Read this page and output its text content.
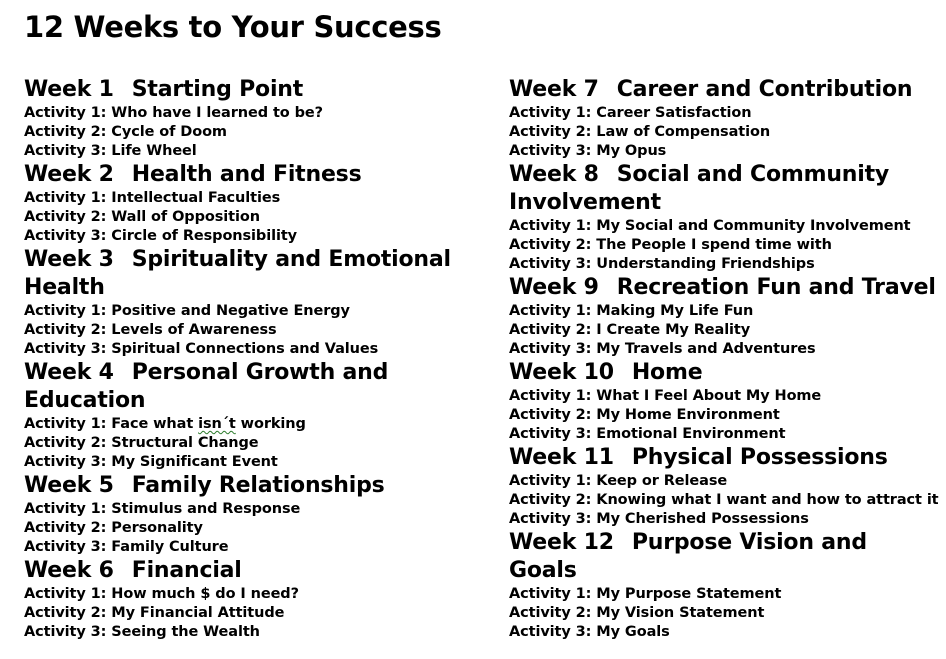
12 Weeks to Your Success
Week 1 Starting Point
Activity 1: Who have I learned to be?
Activity 2: Cycle of Doom
Activity 3: Life Wheel
Week 2 Health and Fitness
Activity 1: Intellectual Faculties
Activity 2: Wall of Opposition
Activity 3: Circle of Responsibility
Week 3 Spirituality and Emotional Health
Activity 1: Positive and Negative Energy
Activity 2: Levels of Awareness
Activity 3: Spiritual Connections and Values
Week 4 Personal Growth and Education
Activity 1: Face what isn´t working
Activity 2: Structural Change
Activity 3: My Significant Event
Week 5 Family Relationships
Activity 1: Stimulus and Response
Activity 2: Personality
Activity 3: Family Culture
Week 6 Financial
Activity 1: How much $ do I need?
Activity 2: My Financial Attitude
Activity 3: Seeing the Wealth
Week 7 Career and Contribution
Activity 1: Career Satisfaction
Activity 2: Law of Compensation
Activity 3: My Opus
Week 8 Social and Community Involvement
Activity 1: My Social and Community Involvement
Activity 2: The People I spend time with
Activity 3: Understanding Friendships
Week 9 Recreation Fun and Travel
Activity 1: Making My Life Fun
Activity 2: I Create My Reality
Activity 3: My Travels and Adventures
Week 10 Home
Activity 1: What I Feel About My Home
Activity 2: My Home Environment
Activity 3: Emotional Environment
Week 11 Physical Possessions
Activity 1: Keep or Release
Activity 2: Knowing what I want and how to attract it
Activity 3: My Cherished Possessions
Week 12 Purpose Vision and Goals
Activity 1: My Purpose Statement
Activity 2: My Vision Statement
Activity 3: My Goals
